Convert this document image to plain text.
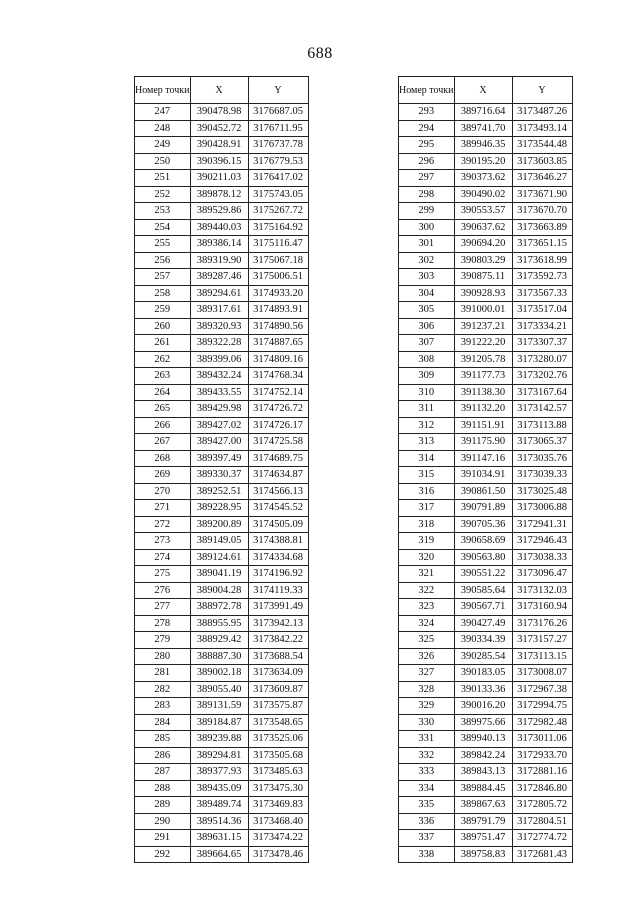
688
Номер точки	X	Y
247	390478.98	3176687.05
248	390452.72	3176711.95
249	390428.91	3176737.78
250	390396.15	3176779.53
251	390211.03	3176417.02
252	389878.12	3175743.05
253	389529.86	3175267.72
254	389440.03	3175164.92
255	389386.14	3175116.47
256	389319.90	3175067.18
257	389287.46	3175006.51
258	389294.61	3174933.20
259	389317.61	3174893.91
260	389320.93	3174890.56
261	389322.28	3174887.65
262	389399.06	3174809.16
263	389432.24	3174768.34
264	389433.55	3174752.14
265	389429.98	3174726.72
266	389427.02	3174726.17
267	389427.00	3174725.58
268	389397.49	3174689.75
269	389330.37	3174634.87
270	389252.51	3174566.13
271	389228.95	3174545.52
272	389200.89	3174505.09
273	389149.05	3174388.81
274	389124.61	3174334.68
275	389041.19	3174196.92
276	389004.28	3174119.33
277	388972.78	3173991.49
278	388955.95	3173942.13
279	388929.42	3173842.22
280	388887.30	3173688.54
281	389002.18	3173634.09
282	389055.40	3173609.87
283	389131.59	3173575.87
284	389184.87	3173548.65
285	389239.88	3173525.06
286	389294.81	3173505.68
287	389377.93	3173485.63
288	389435.09	3173475.30
289	389489.74	3173469.83
290	389514.36	3173468.40
291	389631.15	3173474.22
292	389664.65	3173478.46
Номер точки	X	Y
293	389716.64	3173487.26
294	389741.70	3173493.14
295	389946.35	3173544.48
296	390195.20	3173603.85
297	390373.62	3173646.27
298	390490.02	3173671.90
299	390553.57	3173670.70
300	390637.62	3173663.89
301	390694.20	3173651.15
302	390803.29	3173618.99
303	390875.11	3173592.73
304	390928.93	3173567.33
305	391000.01	3173517.04
306	391237.21	3173334.21
307	391222.20	3173307.37
308	391205.78	3173280.07
309	391177.73	3173202.76
310	391138.30	3173167.64
311	391132.20	3173142.57
312	391151.91	3173113.88
313	391175.90	3173065.37
314	391147.16	3173035.76
315	391034.91	3173039.33
316	390861.50	3173025.48
317	390791.89	3173006.88
318	390705.36	3172941.31
319	390658.69	3172946.43
320	390563.80	3173038.33
321	390551.22	3173096.47
322	390585.64	3173132.03
323	390567.71	3173160.94
324	390427.49	3173176.26
325	390334.39	3173157.27
326	390285.54	3173113.15
327	390183.05	3173008.07
328	390133.36	3172967.38
329	390016.20	3172994.75
330	389975.66	3172982.48
331	389940.13	3173011.06
332	389842.24	3172933.70
333	389843.13	3172881.16
334	389884.45	3172846.80
335	389867.63	3172805.72
336	389791.79	3172804.51
337	389751.47	3172774.72
338	389758.83	3172681.43
